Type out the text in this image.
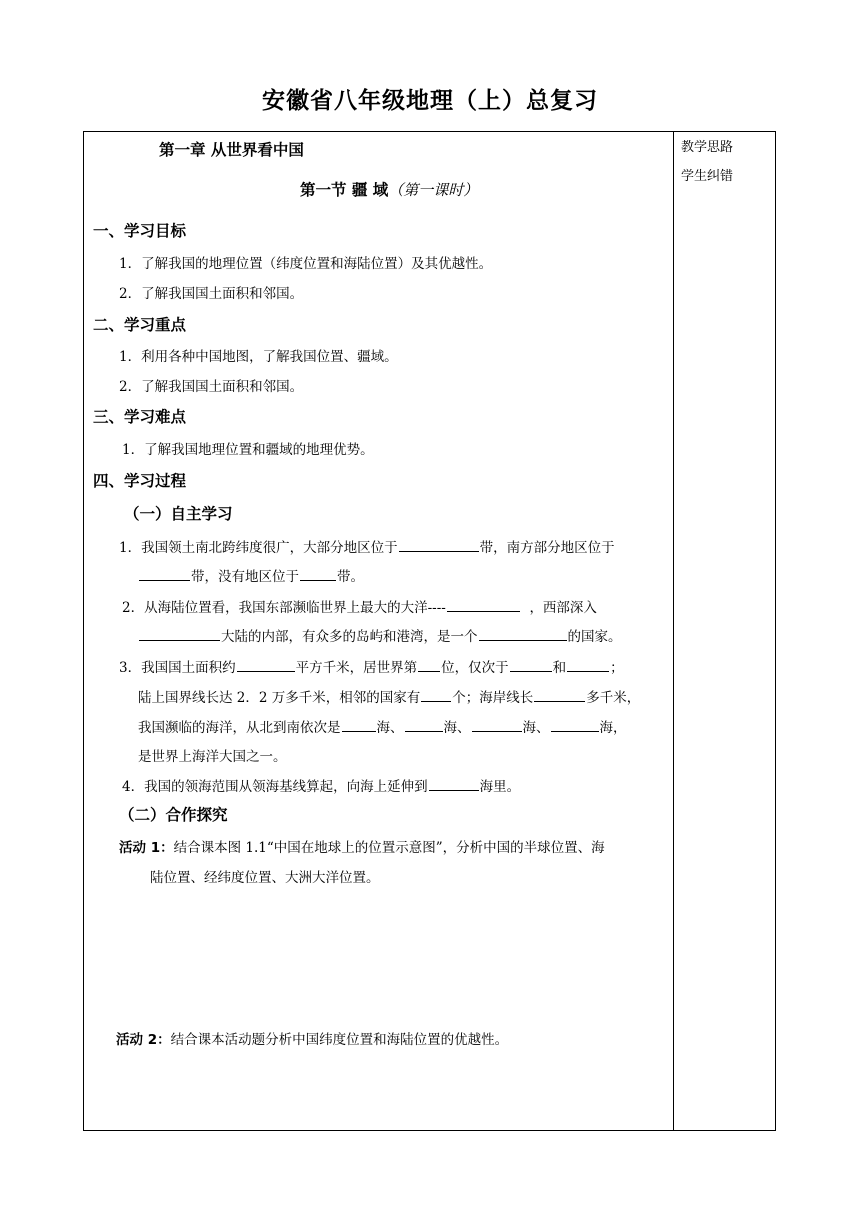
安徽省八年级地理（上）总复习
教学思路
学生纠错
第一章 从世界看中国
第一节 疆 域（第一课时）
一、学习目标
1．了解我国的地理位置（纬度位置和海陆位置）及其优越性。
2．了解我国国土面积和邻国。
二、学习重点
1．利用各种中国地图，了解我国位置、疆域。
2．了解我国国土面积和邻国。
三、学习难点
1．了解我国地理位置和疆域的地理优势。
四、学习过程
（一）自主学习
1．我国领土南北跨纬度很广，大部分地区位于	带，南方部分地区位于
带，没有地区位于	带。
2．从海陆位置看，我国东部濒临世界上最大的大洋----	，西部深入
大陆的内部，有众多的岛屿和港湾，是一个	的国家。
3．我国国土面积约	平方千米，居世界第 位，仅次于	和	；
陆上国界线长达 2．2 万多千米，相邻的国家有 个；海岸线长	多千米，
我国濒临的海洋，从北到南依次是	海、	海、	海、	海，
是世界上海洋大国之一。
4．我国的领海范围从领海基线算起，向海上延伸到	海里。
（二）合作探究
活动 1：结合课本图 1.1“中国在地球上的位置示意图”，分析中国的半球位置、海
陆位置、经纬度位置、大洲大洋位置。
活动 2：结合课本活动题分析中国纬度位置和海陆位置的优越性。
